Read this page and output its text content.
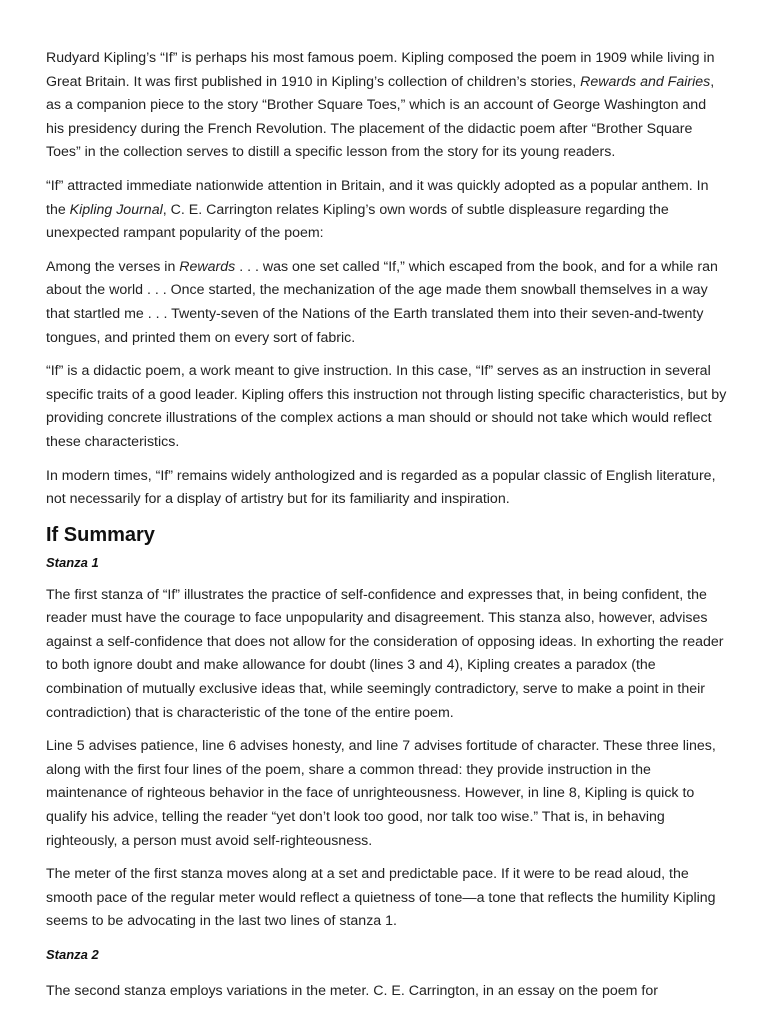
Rudyard Kipling’s “If” is perhaps his most famous poem. Kipling composed the poem in 1909 while living in Great Britain. It was first published in 1910 in Kipling’s collection of children’s stories, Rewards and Fairies, as a companion piece to the story “Brother Square Toes,” which is an account of George Washington and his presidency during the French Revolution. The placement of the didactic poem after “Brother Square Toes” in the collection serves to distill a specific lesson from the story for its young readers.

“If” attracted immediate nationwide attention in Britain, and it was quickly adopted as a popular anthem. In the Kipling Journal, C. E. Carrington relates Kipling’s own words of subtle displeasure regarding the unexpected rampant popularity of the poem:

Among the verses in Rewards . . . was one set called “If,” which escaped from the book, and for a while ran about the world . . . Once started, the mechanization of the age made them snowball themselves in a way that startled me . . . Twenty-seven of the Nations of the Earth translated them into their seven-and-twenty tongues, and printed them on every sort of fabric.

“If” is a didactic poem, a work meant to give instruction. In this case, “If” serves as an instruction in several specific traits of a good leader. Kipling offers this instruction not through listing specific characteristics, but by providing concrete illustrations of the complex actions a man should or should not take which would reflect these characteristics.

In modern times, “If” remains widely anthologized and is regarded as a popular classic of English literature, not necessarily for a display of artistry but for its familiarity and inspiration.

If Summary
Stanza 1

The first stanza of “If” illustrates the practice of self-confidence and expresses that, in being confident, the reader must have the courage to face unpopularity and disagreement. This stanza also, however, advises against a self-confidence that does not allow for the consideration of opposing ideas. In exhorting the reader to both ignore doubt and make allowance for doubt (lines 3 and 4), Kipling creates a paradox (the combination of mutually exclusive ideas that, while seemingly contradictory, serve to make a point in their contradiction) that is characteristic of the tone of the entire poem.

Line 5 advises patience, line 6 advises honesty, and line 7 advises fortitude of character. These three lines, along with the first four lines of the poem, share a common thread: they provide instruction in the maintenance of righteous behavior in the face of unrighteousness. However, in line 8, Kipling is quick to qualify his advice, telling the reader “yet don’t look too good, nor talk too wise.” That is, in behaving righteously, a person must avoid self-righteousness.

The meter of the first stanza moves along at a set and predictable pace. If it were to be read aloud, the smooth pace of the regular meter would reflect a quietness of tone—a tone that reflects the humility Kipling seems to be advocating in the last two lines of stanza 1.

Stanza 2

The second stanza employs variations in the meter. C. E. Carrington, in an essay on the poem for
